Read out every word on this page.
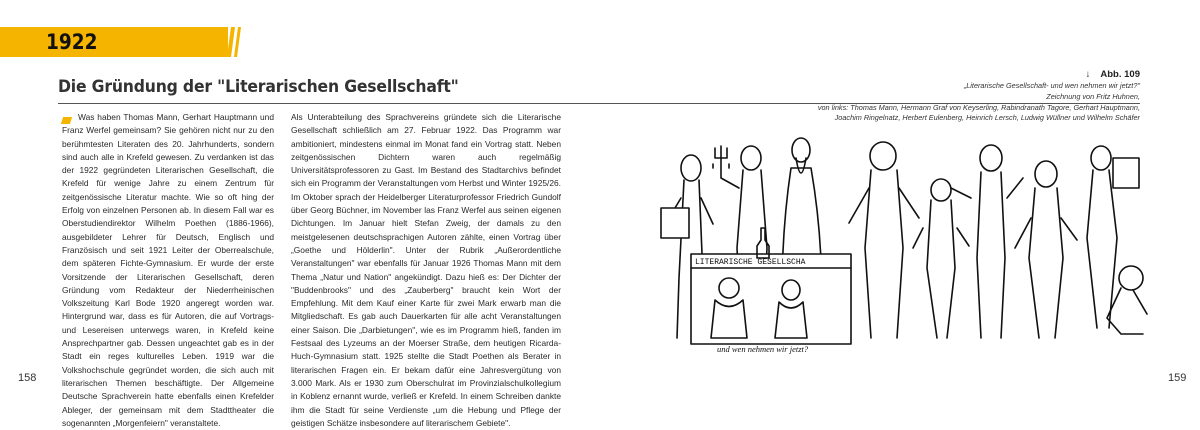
1922
Die Gründung der "Literarischen Gesellschaft"

Was haben Thomas Mann, Gerhart Hauptmann und Franz Werfel gemeinsam? Sie gehören nicht nur zu den berühmtesten Literaten des 20. Jahrhunderts, sondern sind auch alle in Krefeld gewesen. Zu verdanken ist das der 1922 gegründeten Literarischen Gesellschaft, die Krefeld für wenige Jahre zu einem Zentrum für zeitgenössische Literatur machte. Wie so oft hing der Erfolg von einzelnen Personen ab. In diesem Fall war es Oberstudiendirektor Wilhelm Poethen (1886-1966), ausgebildeter Lehrer für Deutsch, Englisch und Französisch und seit 1921 Leiter der Oberrealschule, dem späteren Fichte-Gymnasium. Er wurde der erste Vorsitzende der Literarischen Gesellschaft, deren Gründung vom Redakteur der Niederrheinischen Volkszeitung Karl Bode 1920 angeregt worden war. Hintergrund war, dass es für Autoren, die auf Vortrags- und Lesereisen unterwegs waren, in Krefeld keine Ansprechpartner gab. Dessen ungeachtet gab es in der Stadt ein reges kulturelles Leben. 1919 war die Volkshochschule gegründet worden, die sich auch mit literarischen Themen beschäftigte. Der Allgemeine Deutsche Sprachverein hatte ebenfalls einen Krefelder Ableger, der gemeinsam mit dem Stadttheater die sogenannten „Morgenfeiern" veranstaltete.

Als Unterabteilung des Sprachvereins gründete sich die Literarische Gesellschaft schließlich am 27. Februar 1922. Das Programm war ambitioniert, mindestens einmal im Monat fand ein Vortrag statt. Neben zeitgenössischen Dichtern waren auch regelmäßig Universitätsprofessoren zu Gast. Im Bestand des Stadtarchivs befindet sich ein Programm der Veranstaltungen vom Herbst und Winter 1925/26. Im Oktober sprach der Heidelberger Literaturprofessor Friedrich Gundolf über Georg Büchner, im November las Franz Werfel aus seinen eigenen Dichtungen. Im Januar hielt Stefan Zweig, der damals zu den meistgelesenen deutschsprachigen Autoren zählte, einen Vortrag über „Goethe und Hölderlin". Unter der Rubrik „Außerordentliche Veranstaltungen" war ebenfalls für Januar 1926 Thomas Mann mit dem Thema „Natur und Nation" angekündigt. Dazu hieß es: Der Dichter der "Buddenbrooks" und des „Zauberberg" braucht kein Wort der Empfehlung. Mit dem Kauf einer Karte für zwei Mark erwarb man die Mitgliedschaft. Es gab auch Dauerkarten für alle acht Veranstaltungen einer Saison. Die „Darbietungen", wie es im Programm hieß, fanden im Festsaal des Lyzeums an der Moerser Straße, dem heutigen Ricarda-Huch-Gymnasium statt. 1925 stellte die Stadt Poethen als Berater in literarischen Fragen ein. Er bekam dafür eine Jahresvergütung von 3.000 Mark. Als er 1930 zum Oberschulrat im Provinzialschulkollegium in Koblenz ernannt wurde, verließ er Krefeld. In einem Schreiben dankte ihm die Stadt für seine Verdienste „um die Hebung und Pflege der geistigen Schätze insbesondere auf literarischem Gebiete".

158	159
↓ Abb. 109
„Literarische Gesellschaft- und wen nehmen wir jetzt?"
Zeichnung von Fritz Huhnen,
von links: Thomas Mann, Hermann Graf von Keyserling, Rabindranath Tagore, Gerhart Hauptmann,
Joachim Ringelnatz, Herbert Eulenberg, Heinrich Lersch, Ludwig Wüllner und Wilhelm Schäfer
LITERARISCHE GESELLSCHA
und wen nehmen wir jetzt?
